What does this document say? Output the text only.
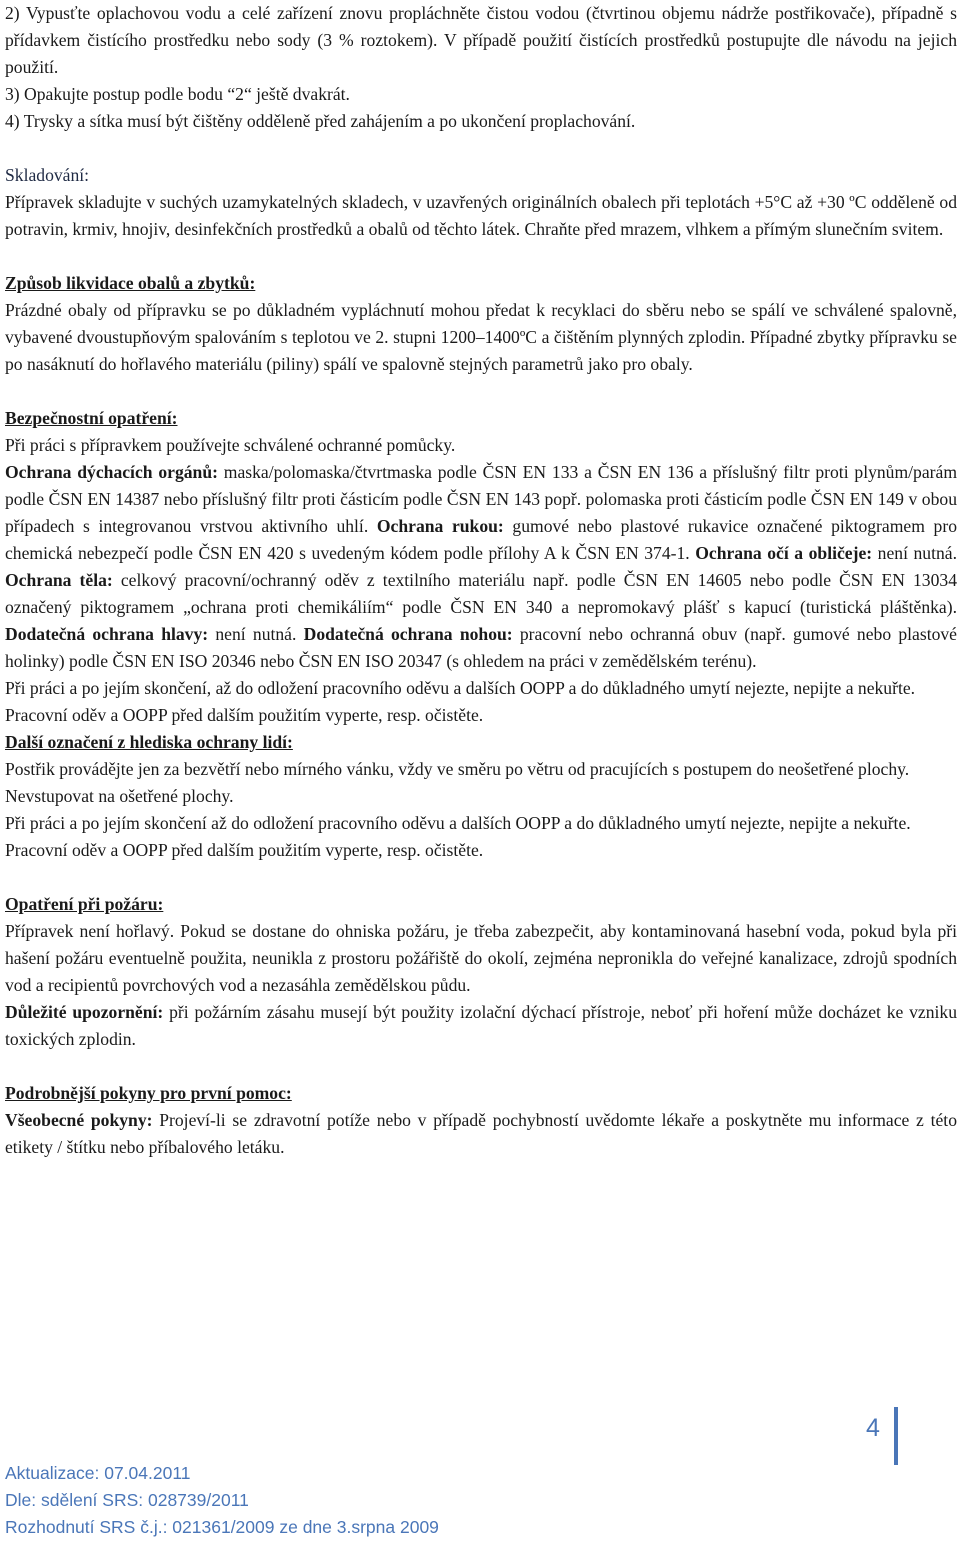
2) Vypusťte oplachovou vodu a celé zařízení znovu propláchněte čistou vodou (čtvrtinou objemu nádrže postřikovače), případně s přídavkem čistícího prostředku nebo sody (3 % roztokem). V případě použití čistících prostředků postupujte dle návodu na jejich použití.

3) Opakujte postup podle bodu “2“ ještě dvakrát.

4) Trysky a sítka musí být čištěny odděleně před zahájením a po ukončení proplachování.

Skladování:

Přípravek skladujte v suchých uzamykatelných skladech, v uzavřených originálních obalech při teplotách +5°C až +30 ºC odděleně od potravin, krmiv, hnojiv, desinfekčních prostředků a obalů od těchto látek. Chraňte před mrazem, vlhkem a přímým slunečním svitem.

Způsob likvidace obalů a zbytků:

Prázdné obaly od přípravku se po důkladném vypláchnutí mohou předat k recyklaci do sběru nebo se spálí ve schválené spalovně, vybavené dvoustupňovým spalováním s teplotou ve 2. stupni 1200–1400ºC a čištěním plynných zplodin. Případné zbytky přípravku se po nasáknutí do hořlavého materiálu (piliny) spálí ve spalovně stejných parametrů jako pro obaly.

Bezpečnostní opatření:

Při práci s přípravkem používejte schválené ochranné pomůcky.

Ochrana dýchacích orgánů: maska/polomaska/čtvrtmaska podle ČSN EN 133 a ČSN EN 136 a příslušný filtr proti plynům/parám podle ČSN EN 14387 nebo příslušný filtr proti částicím podle ČSN EN 143 popř. polomaska proti částicím podle ČSN EN 149 v obou případech s integrovanou vrstvou aktivního uhlí. Ochrana rukou: gumové nebo plastové rukavice označené piktogramem pro chemická nebezpečí podle ČSN EN 420 s uvedeným kódem podle přílohy A k ČSN EN 374-1. Ochrana očí a obličeje: není nutná. Ochrana těla: celkový pracovní/ochranný oděv z textilního materiálu např. podle ČSN EN 14605 nebo podle ČSN EN 13034 označený piktogramem „ochrana proti chemikáliím“ podle ČSN EN 340 a nepromokavý plášť s kapucí (turistická pláštěnka). Dodatečná ochrana hlavy: není nutná. Dodatečná ochrana nohou: pracovní nebo ochranná obuv (např. gumové nebo plastové holinky) podle ČSN EN ISO 20346 nebo ČSN EN ISO 20347 (s ohledem na práci v zemědělském terénu).

Při práci a po jejím skončení, až do odložení pracovního oděvu a dalších OOPP a do důkladného umytí nejezte, nepijte a nekuřte.

Pracovní oděv a OOPP před dalším použitím vyperte, resp. očistěte.

Další označení z hlediska ochrany lidí:

Postřik provádějte jen za bezvětří nebo mírného vánku, vždy ve směru po větru od pracujících s postupem do neošetřené plochy.

Nevstupovat na ošetřené plochy.

Při práci a po jejím skončení až do odložení pracovního oděvu a dalších OOPP a do důkladného umytí nejezte, nepijte a nekuřte.

Pracovní oděv a OOPP před dalším použitím vyperte, resp. očistěte.

Opatření při požáru:

Přípravek není hořlavý. Pokud se dostane do ohniska požáru, je třeba zabezpečit, aby kontaminovaná hasební voda, pokud byla při hašení požáru eventuelně použita, neunikla z prostoru požářiště do okolí, zejména nepronikla do veřejné kanalizace, zdrojů spodních vod a recipientů povrchových vod a nezasáhla zemědělskou půdu.

Důležité upozornění: při požárním zásahu musejí být použity izolační dýchací přístroje, neboť při hoření může docházet ke vzniku toxických zplodin.

Podrobnější pokyny pro první pomoc:

Všeobecné pokyny: Projeví-li se zdravotní potíže nebo v případě pochybností uvědomte lékaře a poskytněte mu informace z této etikety / štítku nebo příbalového letáku.

4
Aktualizace: 07.04.2011
Dle: sdělení SRS: 028739/2011
Rozhodnutí SRS č.j.: 021361/2009 ze dne 3.srpna 2009
